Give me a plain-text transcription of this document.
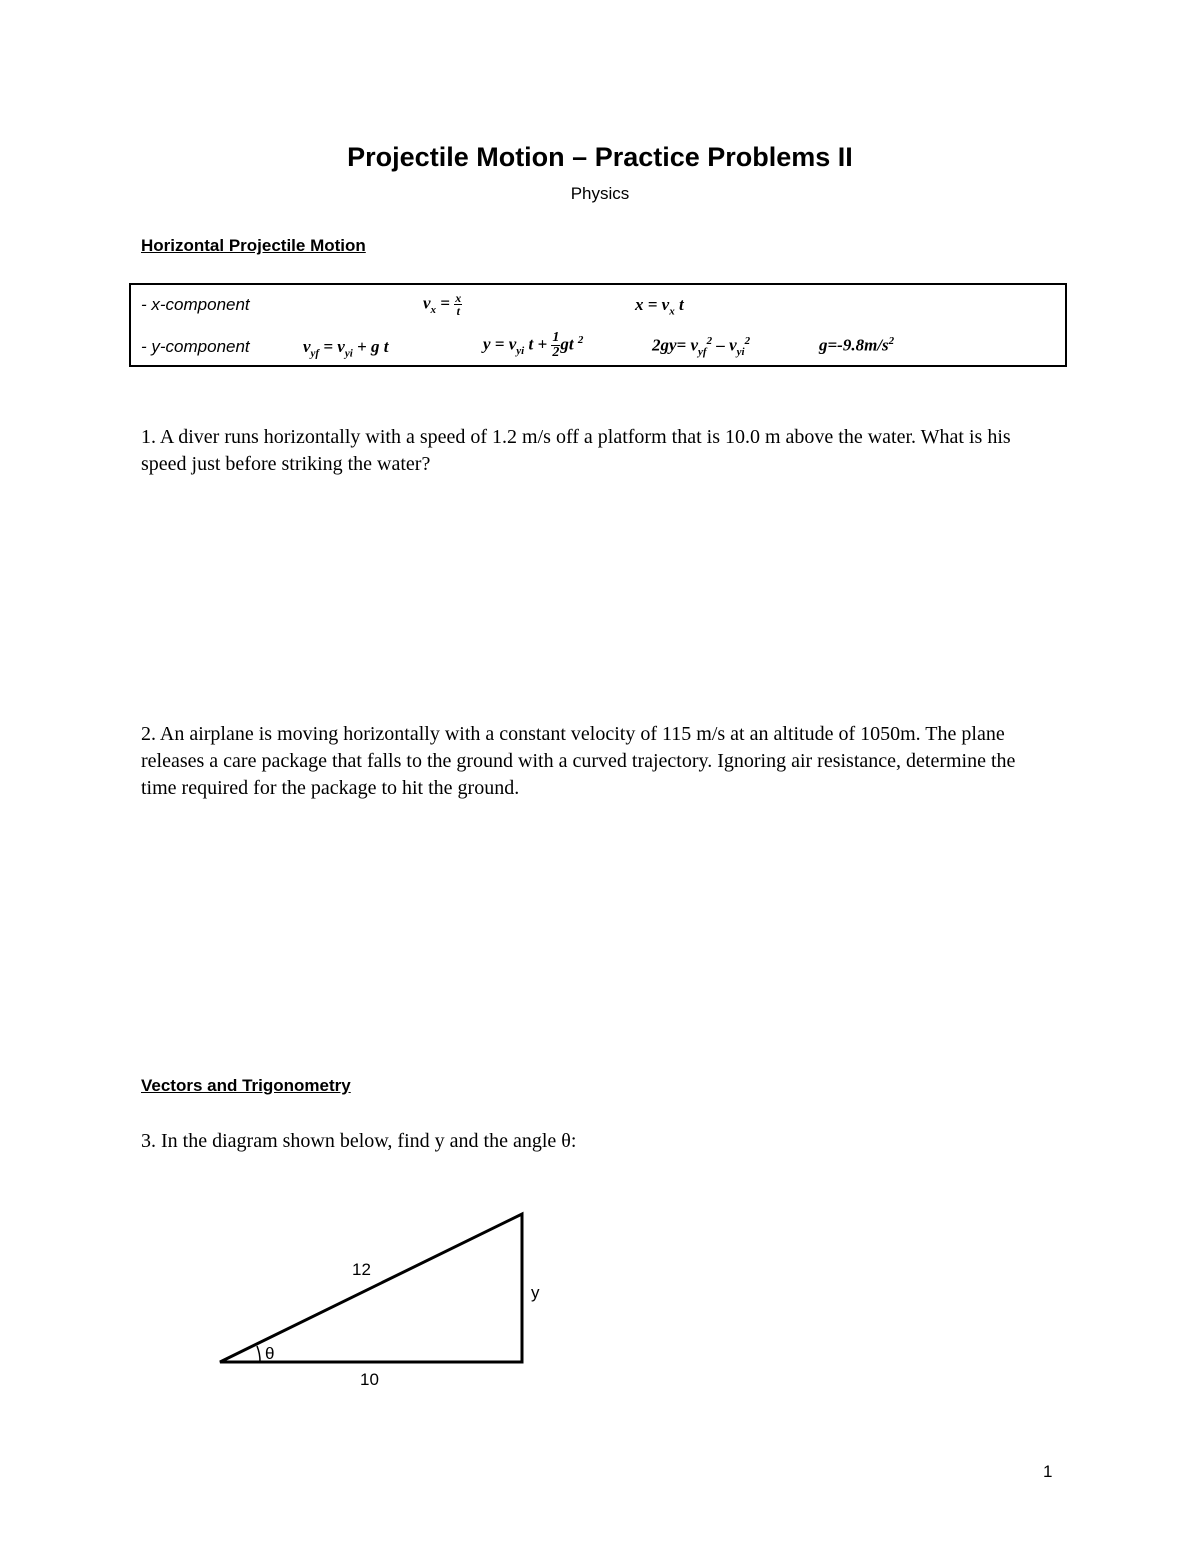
Projectile Motion – Practice Problems II
Physics
Horizontal Projectile Motion
- x-component	$v_x = \frac{x}{t}$	$x = v_x$ t
- y-component	$v_{yf} = v_{yi} + g$ t	$y = v_{yi}$ $t + \frac{1}{2}$ gt $^2$	$2gy= v_{yf}^2 - v_{yi}^2$	$g=-9.8m/s^2$
1. A diver runs horizontally with a speed of 1.2 m/s off a platform that is 10.0 m above the water. What is his speed just before striking the water?
2. An airplane is moving horizontally with a constant velocity of 115 m/s at an altitude of 1050m. The plane releases a care package that falls to the ground with a curved trajectory. Ignoring air resistance, determine the time required for the package to hit the ground.
Vectors and Trigonometry
3. In the diagram shown below, find y and the angle θ:
12
y
10
θ
1
